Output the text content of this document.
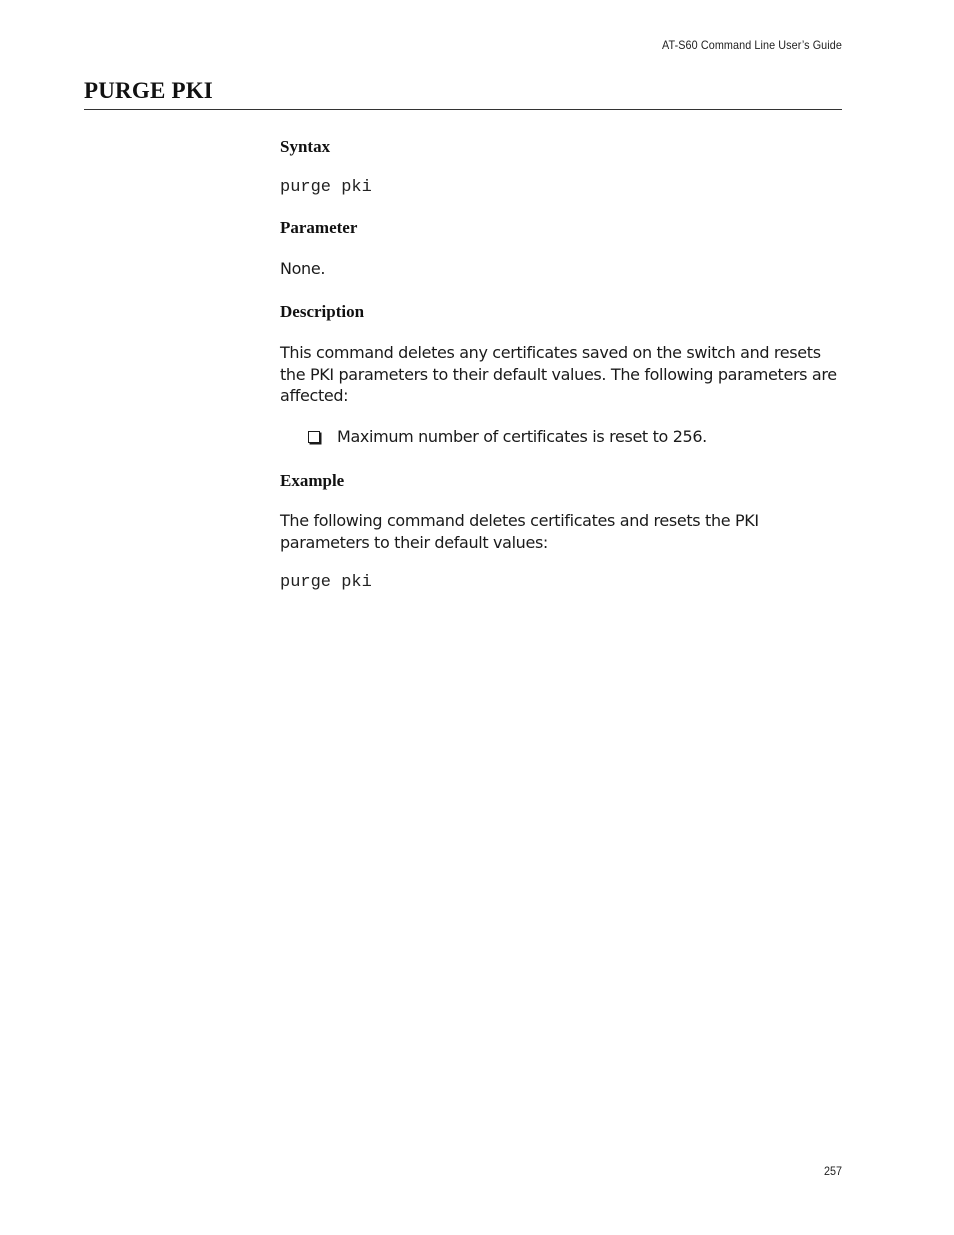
AT-S60 Command Line User’s Guide
PURGE PKI
Syntax
purge pki
Parameter

None.

Description

This command deletes any certificates saved on the switch and resets the PKI parameters to their default values. The following parameters are affected:

Maximum number of certificates is reset to 256.
Example

The following command deletes certificates and resets the PKI parameters to their default values:

purge pki
257
